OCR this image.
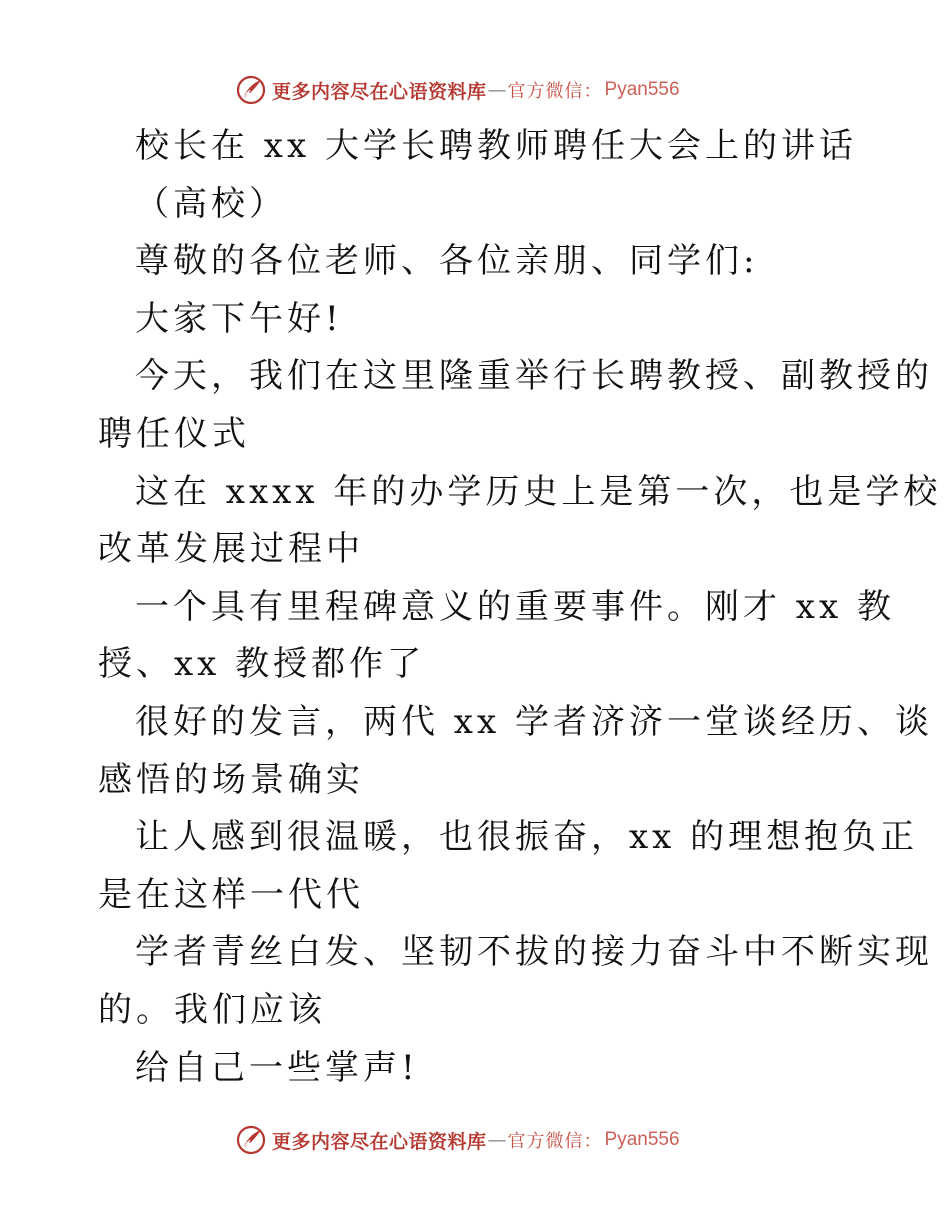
更多内容尽在心语资料库 — 官方微信： Pyan556
校长在 xx 大学长聘教师聘任大会上的讲话
（高校）
尊敬的各位老师、各位亲朋、同学们:
大家下午好!
今天，我们在这里隆重举行长聘教授、副教授的
聘任仪式
这在 xxxx 年的办学历史上是第一次，也是学校
改革发展过程中
一个具有里程碑意义的重要事件。刚才 xx 教
授、xx 教授都作了
很好的发言，两代 xx 学者济济一堂谈经历、谈
感悟的场景确实
让人感到很温暖，也很振奋，xx 的理想抱负正
是在这样一代代
学者青丝白发、坚韧不拔的接力奋斗中不断实现
的。我们应该
给自己一些掌声!
更多内容尽在心语资料库 — 官方微信： Pyan556
